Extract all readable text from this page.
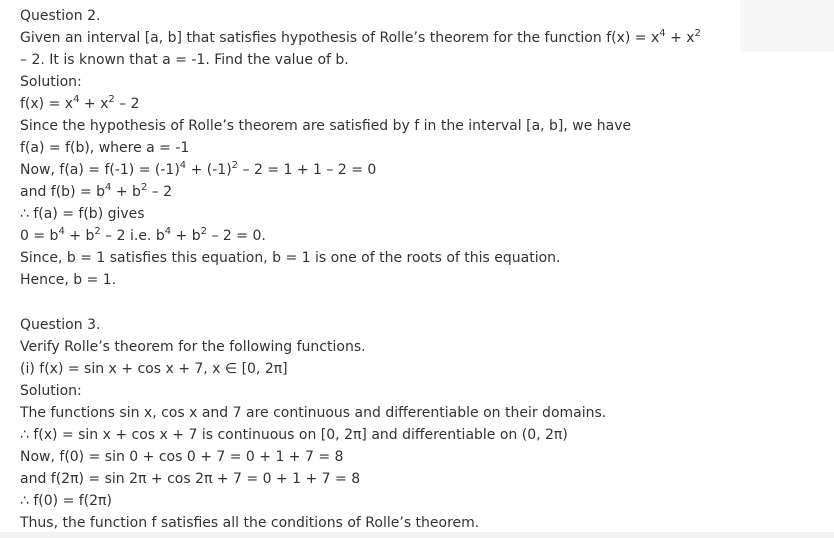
Question 2.
Given an interval [a, b] that satisfies hypothesis of Rolle’s theorem for the function $f(x) = x^4 + x^2$
– 2. It is known that a = -1. Find the value of b.
Solution:
$f(x) = x^4 + x^2 - 2$
Since the hypothesis of Rolle’s theorem are satisfied by f in the interval [a, b], we have
f(a) = f(b), where a = -1
Now, $f(a) = f(-1) = (-1)^4 + (-1)^2 - 2 = 1 + 1 - 2 = 0$
and $f(b) = b^4 + b^2 - 2$
∴ f(a) = f(b) gives
$0 = b^4 + b^2 - 2$ i.e. $b^4 + b^2 - 2 = 0$.
Since, b = 1 satisfies this equation, b = 1 is one of the roots of this equation.
Hence, b = 1.
Question 3.
Verify Rolle’s theorem for the following functions.
(i) f(x) = sin x + cos x + 7, x ∈ [0, 2π]
Solution:
The functions sin x, cos x and 7 are continuous and differentiable on their domains.
∴ f(x) = sin x + cos x + 7 is continuous on [0, 2π] and differentiable on (0, 2π)
Now, f(0) = sin 0 + cos 0 + 7 = 0 + 1 + 7 = 8
and f(2π) = sin 2π + cos 2π + 7 = 0 + 1 + 7 = 8
∴ f(0) = f(2π)
Thus, the function f satisfies all the conditions of Rolle’s theorem.
